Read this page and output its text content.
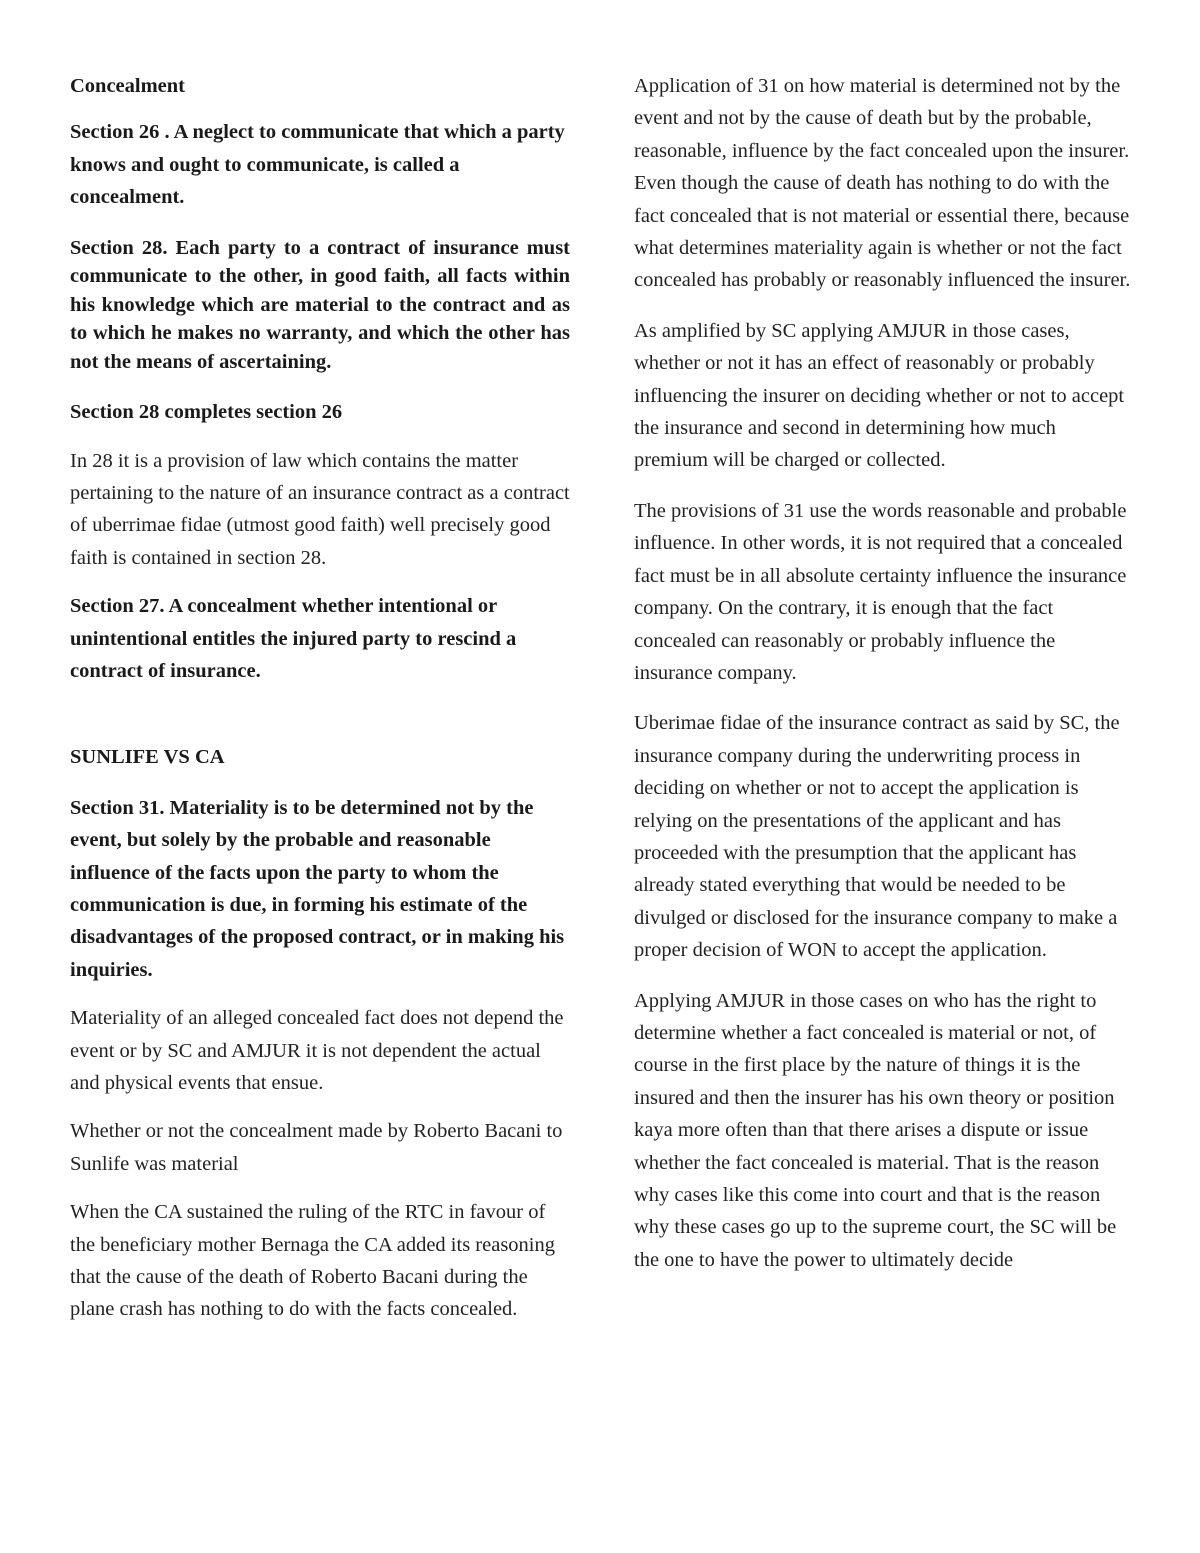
Concealment

Section 26 . A neglect to communicate that which a party knows and ought to communicate, is called a concealment.

Section 28. Each party to a contract of insurance must communicate to the other, in good faith, all facts within his knowledge which are material to the contract and as to which he makes no warranty, and which the other has not the means of ascertaining.

Section 28 completes section 26

In 28 it is a provision of law which contains the matter pertaining to the nature of an insurance contract as a contract of uberrimae fidae (utmost good faith) well precisely good faith is contained in section 28.

Section 27. A concealment whether intentional or unintentional entitles the injured party to rescind a contract of insurance.

SUNLIFE VS CA

Section 31. Materiality is to be determined not by the event, but solely by the probable and reasonable influence of the facts upon the party to whom the communication is due, in forming his estimate of the disadvantages of the proposed contract, or in making his inquiries.

Materiality of an alleged concealed fact does not depend the event or by SC and AMJUR it is not dependent the actual and physical events that ensue.

Whether or not the concealment made by Roberto Bacani to Sunlife was material

When the CA sustained the ruling of the RTC in favour of the beneficiary mother Bernaga the CA added its reasoning that the cause of the death of Roberto Bacani during the plane crash has nothing to do with the facts concealed.

Application of 31 on how material is determined not by the event and not by the cause of death but by the probable, reasonable, influence by the fact concealed upon the insurer. Even though the cause of death has nothing to do with the fact concealed that is not material or essential there, because what determines materiality again is whether or not the fact concealed has probably or reasonably influenced the insurer.

As amplified by SC applying AMJUR in those cases, whether or not it has an effect of reasonably or probably influencing the insurer on deciding whether or not to accept the insurance and second in determining how much premium will be charged or collected.

The provisions of 31 use the words reasonable and probable influence. In other words, it is not required that a concealed fact must be in all absolute certainty influence the insurance company. On the contrary, it is enough that the fact concealed can reasonably or probably influence the insurance company.

Uberimae fidae of the insurance contract as said by SC, the insurance company during the underwriting process in deciding on whether or not to accept the application is relying on the presentations of the applicant and has proceeded with the presumption that the applicant has already stated everything that would be needed to be divulged or disclosed for the insurance company to make a proper decision of WON to accept the application.

Applying AMJUR in those cases on who has the right to determine whether a fact concealed is material or not, of course in the first place by the nature of things it is the insured and then the insurer has his own theory or position kaya more often than that there arises a dispute or issue whether the fact concealed is material. That is the reason why cases like this come into court and that is the reason why these cases go up to the supreme court, the SC will be the one to have the power to ultimately decide
